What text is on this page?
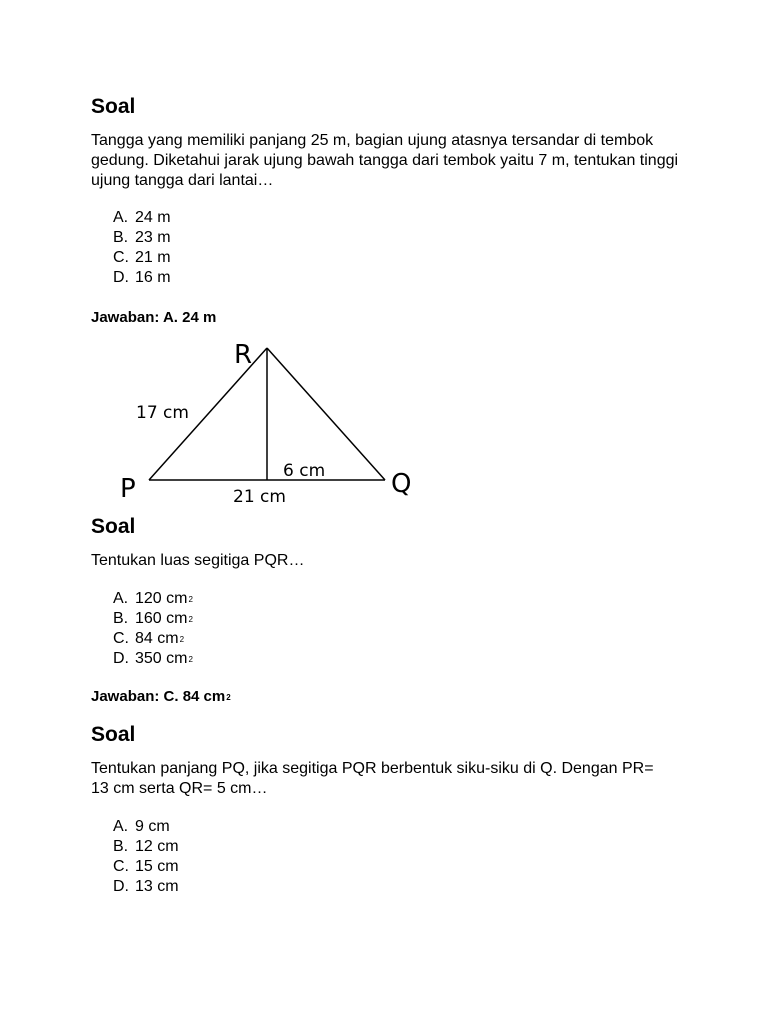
Soal

Tangga yang memiliki panjang 25 m, bagian ujung atasnya tersandar di tembok gedung. Diketahui jarak ujung bawah tangga dari tembok yaitu 7 m, tentukan tinggi ujung tangga dari lantai…

A. 24 m
B. 23 m
C. 21 m
D. 16 m
Jawaban: A. 24 m
R
P	Q
17 cm
6 cm
21 cm
Soal

Tentukan luas segitiga PQR…

A. 120 $cm^2$
B. 160 $cm^2$
C. 84 $cm^2$
D. 350 $cm^2$
Jawaban: C. 84 $cm^2$
Soal

Tentukan panjang PQ, jika segitiga PQR berbentuk siku-siku di Q. Dengan PR= 13 cm serta QR= 5 cm…

A. 9 cm
B. 12 cm
C. 15 cm
D. 13 cm
